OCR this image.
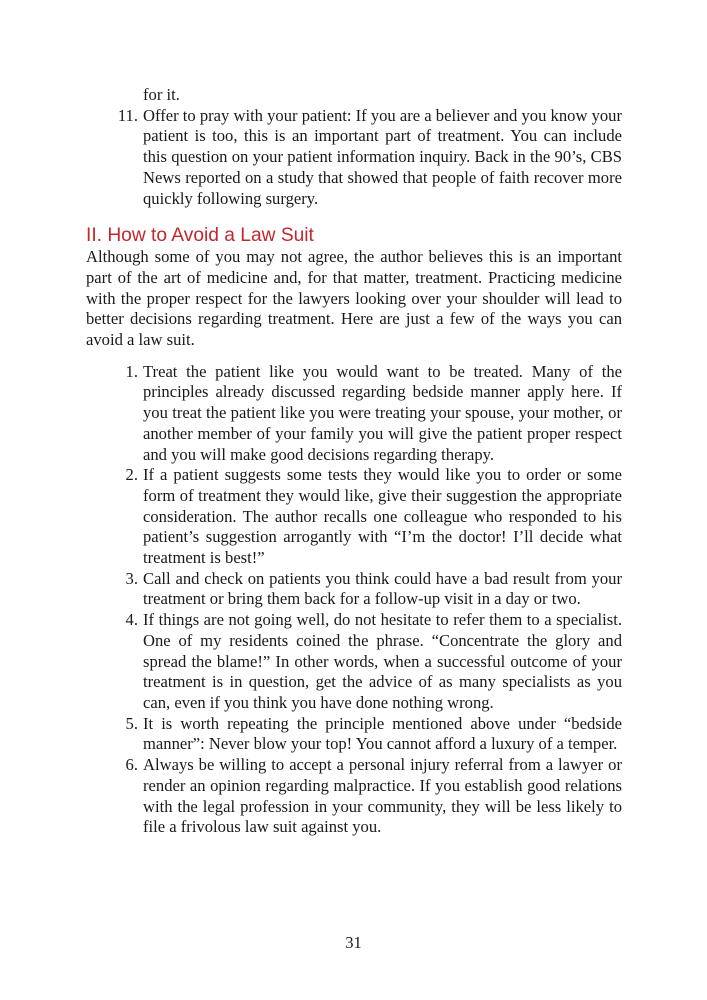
for it.

11. Offer to pray with your patient: If you are a believer and you know your patient is too, this is an important part of treatment. You can include this question on your patient information inquiry. Back in the 90’s, CBS News reported on a study that showed that people of faith recover more quickly following surgery.
II. How to Avoid a Law Suit

Although some of you may not agree, the author believes this is an important part of the art of medicine and, for that matter, treatment. Practicing medicine with the proper respect for the lawyers looking over your shoulder will lead to better decisions regarding treatment. Here are just a few of the ways you can avoid a law suit.

1. Treat the patient like you would want to be treated. Many of the principles already discussed regarding bedside manner apply here. If you treat the patient like you were treating your spouse, your mother, or another member of your family you will give the patient proper respect and you will make good decisions regarding therapy.
2. If a patient suggests some tests they would like you to order or some form of treatment they would like, give their suggestion the appropriate consideration. The author recalls one colleague who responded to his patient’s suggestion arrogantly with “I’m the doctor! I’ll decide what treatment is best!”
3. Call and check on patients you think could have a bad result from your treatment or bring them back for a follow-up visit in a day or two.
4. If things are not going well, do not hesitate to refer them to a specialist. One of my residents coined the phrase. “Concentrate the glory and spread the blame!” In other words, when a successful outcome of your treatment is in question, get the advice of as many specialists as you can, even if you think you have done nothing wrong.
5. It is worth repeating the principle mentioned above under “bedside manner”: Never blow your top! You cannot afford a luxury of a temper.
6. Always be willing to accept a personal injury referral from a lawyer or render an opinion regarding malpractice. If you establish good relations with the legal profession in your community, they will be less likely to file a frivolous law suit against you.
31
